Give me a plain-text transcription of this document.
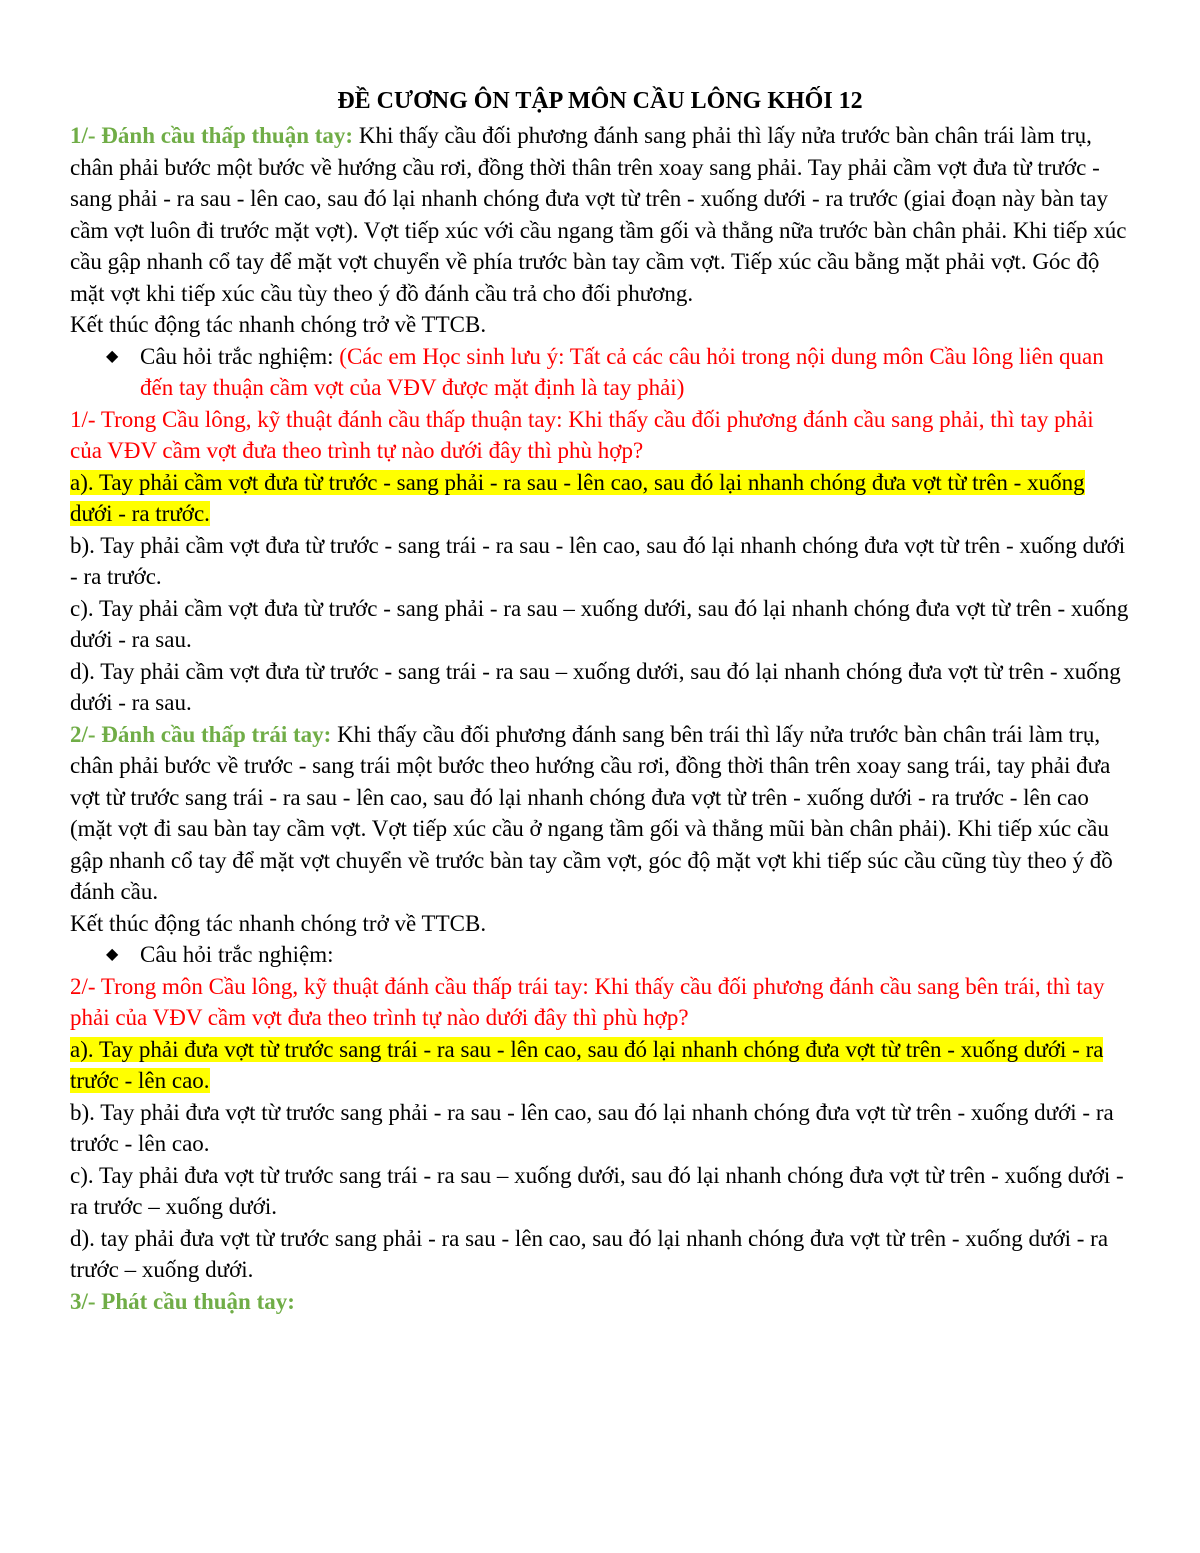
ĐỀ CƯƠNG ÔN TẬP MÔN CẦU LÔNG KHỐI 12

1/- Đánh cầu thấp thuận tay: Khi thấy cầu đối phương đánh sang phải thì lấy nửa trước bàn chân trái làm trụ, chân phải bước một bước về hướng cầu rơi, đồng thời thân trên xoay sang phải. Tay phải cầm vợt đưa từ trước - sang phải - ra sau - lên cao, sau đó lại nhanh chóng đưa vợt từ trên - xuống dưới - ra trước (giai đoạn này bàn tay cầm vợt luôn đi trước mặt vợt). Vợt tiếp xúc với cầu ngang tầm gối và thẳng nữa trước bàn chân phải. Khi tiếp xúc cầu gập nhanh cổ tay để mặt vợt chuyển về phía trước bàn tay cầm vợt. Tiếp xúc cầu bằng mặt phải vợt. Góc độ mặt vợt khi tiếp xúc cầu tùy theo ý đồ đánh cầu trả cho đối phương.

Kết thúc động tác nhanh chóng trở về TTCB.

◆ Câu hỏi trắc nghiệm: (Các em Học sinh lưu ý: Tất cả các câu hỏi trong nội dung môn Cầu lông liên quan đến tay thuận cầm vợt của VĐV được mặt định là tay phải)

1/- Trong Cầu lông, kỹ thuật đánh cầu thấp thuận tay: Khi thấy cầu đối phương đánh cầu sang phải, thì tay phải của VĐV cầm vợt đưa theo trình tự nào dưới đây thì phù hợp?

a). Tay phải cầm vợt đưa từ trước - sang phải - ra sau - lên cao, sau đó lại nhanh chóng đưa vợt từ trên - xuống dưới - ra trước.

b). Tay phải cầm vợt đưa từ trước - sang trái - ra sau - lên cao, sau đó lại nhanh chóng đưa vợt từ trên - xuống dưới - ra trước.

c). Tay phải cầm vợt đưa từ trước - sang phải - ra sau – xuống dưới, sau đó lại nhanh chóng đưa vợt từ trên - xuống dưới - ra sau.

d). Tay phải cầm vợt đưa từ trước - sang trái - ra sau – xuống dưới, sau đó lại nhanh chóng đưa vợt từ trên - xuống dưới - ra sau.

2/- Đánh cầu thấp trái tay: Khi thấy cầu đối phương đánh sang bên trái thì lấy nửa trước bàn chân trái làm trụ, chân phải bước về trước - sang trái một bước theo hướng cầu rơi, đồng thời thân trên xoay sang trái, tay phải đưa vợt từ trước sang trái - ra sau - lên cao, sau đó lại nhanh chóng đưa vợt từ trên - xuống dưới - ra trước - lên cao (mặt vợt đi sau bàn tay cầm vợt. Vợt tiếp xúc cầu ở ngang tầm gối và thẳng mũi bàn chân phải). Khi tiếp xúc cầu gập nhanh cổ tay để mặt vợt chuyển về trước bàn tay cầm vợt, góc độ mặt vợt khi tiếp súc cầu cũng tùy theo ý đồ đánh cầu.

Kết thúc động tác nhanh chóng trở về TTCB.

◆ Câu hỏi trắc nghiệm:

2/- Trong môn Cầu lông, kỹ thuật đánh cầu thấp trái tay: Khi thấy cầu đối phương đánh cầu sang bên trái, thì tay phải của VĐV cầm vợt đưa theo trình tự nào dưới đây thì phù hợp?

a). Tay phải đưa vợt từ trước sang trái - ra sau - lên cao, sau đó lại nhanh chóng đưa vợt từ trên - xuống dưới - ra trước - lên cao.

b). Tay phải đưa vợt từ trước sang phải - ra sau - lên cao, sau đó lại nhanh chóng đưa vợt từ trên - xuống dưới - ra trước - lên cao.

c). Tay phải đưa vợt từ trước sang trái - ra sau – xuống dưới, sau đó lại nhanh chóng đưa vợt từ trên - xuống dưới - ra trước – xuống dưới.

d). tay phải đưa vợt từ trước sang phải - ra sau - lên cao, sau đó lại nhanh chóng đưa vợt từ trên - xuống dưới - ra trước – xuống dưới.

3/- Phát cầu thuận tay:
